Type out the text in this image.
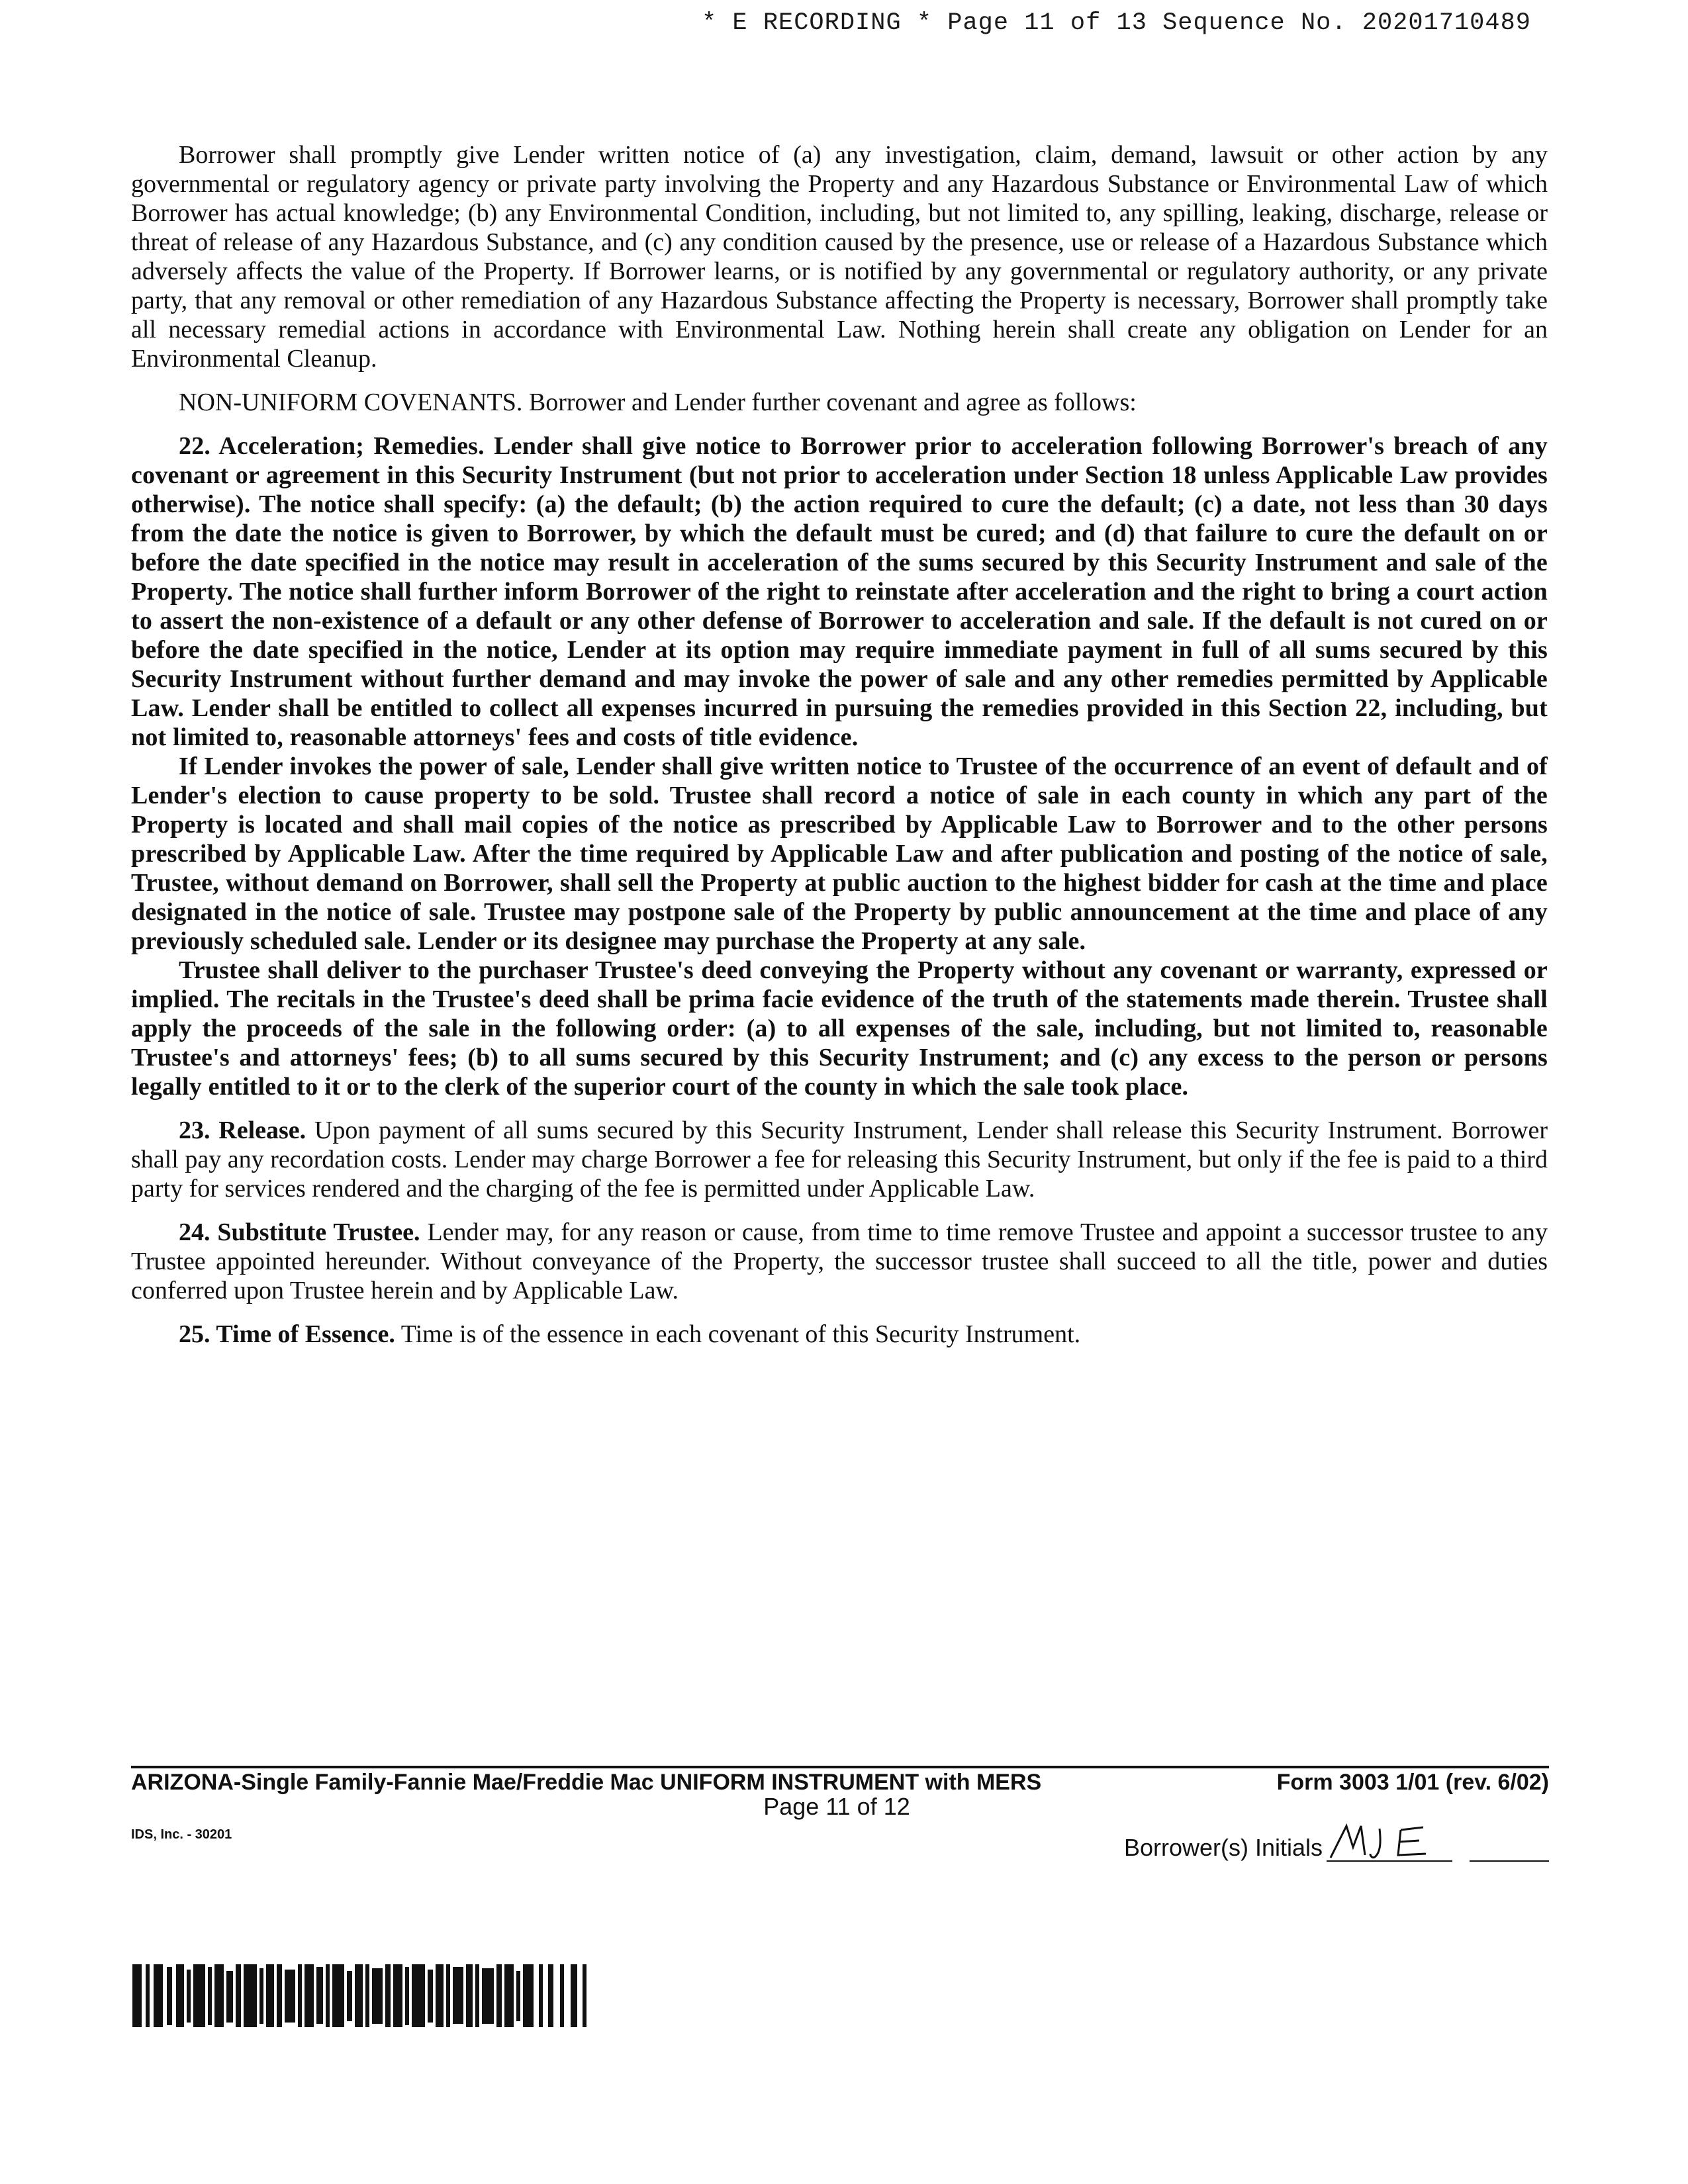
* E RECORDING * Page 11 of 13 Sequence No. 20201710489

Borrower shall promptly give Lender written notice of (a) any investigation, claim, demand, lawsuit or other action by any governmental or regulatory agency or private party involving the Property and any Hazardous Substance or Environmental Law of which Borrower has actual knowledge; (b) any Environmental Condition, including, but not limited to, any spilling, leaking, discharge, release or threat of release of any Hazardous Substance, and (c) any condition caused by the presence, use or release of a Hazardous Substance which adversely affects the value of the Property. If Borrower learns, or is notified by any governmental or regulatory authority, or any private party, that any removal or other remediation of any Hazardous Substance affecting the Property is necessary, Borrower shall promptly take all necessary remedial actions in accordance with Environmental Law. Nothing herein shall create any obligation on Lender for an Environmental Cleanup.

NON-UNIFORM COVENANTS. Borrower and Lender further covenant and agree as follows:

22. Acceleration; Remedies. Lender shall give notice to Borrower prior to acceleration following Borrower's breach of any covenant or agreement in this Security Instrument (but not prior to acceleration under Section 18 unless Applicable Law provides otherwise). The notice shall specify: (a) the default; (b) the action required to cure the default; (c) a date, not less than 30 days from the date the notice is given to Borrower, by which the default must be cured; and (d) that failure to cure the default on or before the date specified in the notice may result in acceleration of the sums secured by this Security Instrument and sale of the Property. The notice shall further inform Borrower of the right to reinstate after acceleration and the right to bring a court action to assert the non-existence of a default or any other defense of Borrower to acceleration and sale. If the default is not cured on or before the date specified in the notice, Lender at its option may require immediate payment in full of all sums secured by this Security Instrument without further demand and may invoke the power of sale and any other remedies permitted by Applicable Law. Lender shall be entitled to collect all expenses incurred in pursuing the remedies provided in this Section 22, including, but not limited to, reasonable attorneys' fees and costs of title evidence.

If Lender invokes the power of sale, Lender shall give written notice to Trustee of the occurrence of an event of default and of Lender's election to cause property to be sold. Trustee shall record a notice of sale in each county in which any part of the Property is located and shall mail copies of the notice as prescribed by Applicable Law to Borrower and to the other persons prescribed by Applicable Law. After the time required by Applicable Law and after publication and posting of the notice of sale, Trustee, without demand on Borrower, shall sell the Property at public auction to the highest bidder for cash at the time and place designated in the notice of sale. Trustee may postpone sale of the Property by public announcement at the time and place of any previously scheduled sale. Lender or its designee may purchase the Property at any sale.

Trustee shall deliver to the purchaser Trustee's deed conveying the Property without any covenant or warranty, expressed or implied. The recitals in the Trustee's deed shall be prima facie evidence of the truth of the statements made therein. Trustee shall apply the proceeds of the sale in the following order: (a) to all expenses of the sale, including, but not limited to, reasonable Trustee's and attorneys' fees; (b) to all sums secured by this Security Instrument; and (c) any excess to the person or persons legally entitled to it or to the clerk of the superior court of the county in which the sale took place.

23. Release. Upon payment of all sums secured by this Security Instrument, Lender shall release this Security Instrument. Borrower shall pay any recordation costs. Lender may charge Borrower a fee for releasing this Security Instrument, but only if the fee is paid to a third party for services rendered and the charging of the fee is permitted under Applicable Law.

24. Substitute Trustee. Lender may, for any reason or cause, from time to time remove Trustee and appoint a successor trustee to any Trustee appointed hereunder. Without conveyance of the Property, the successor trustee shall succeed to all the title, power and duties conferred upon Trustee herein and by Applicable Law.

25. Time of Essence. Time is of the essence in each covenant of this Security Instrument.

ARIZONA-Single Family-Fannie Mae/Freddie Mac UNIFORM INSTRUMENT with MERS	Form 3003 1/01 (rev. 6/02)
Page 11 of 12
IDS, Inc. - 30201	Borrower(s) Initials
